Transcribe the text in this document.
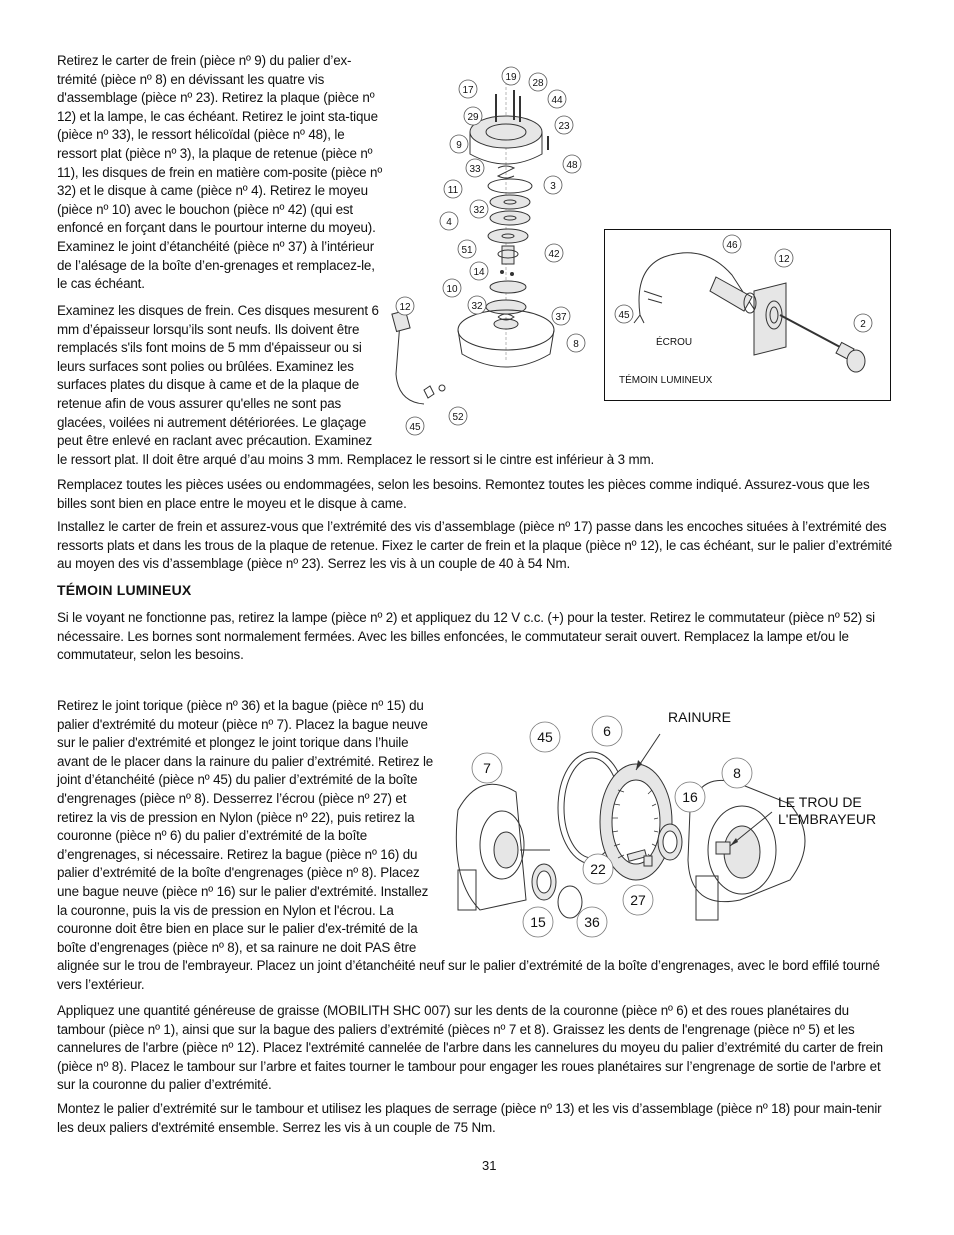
Retirez le carter de frein (pièce nº 9) du palier d’ex-trémité (pièce nº 8) en dévissant les quatre vis d'assemblage (pièce nº 23). Retirez la plaque (pièce nº 12) et la lampe, le cas échéant. Retirez le joint sta-tique (pièce nº 33), le ressort hélicoïdal (pièce nº 48), le ressort plat (pièce nº 3), la plaque de retenue (pièce nº 11), les disques de frein en matière com-posite (pièce nº 32) et le disque à came (pièce nº 4). Retirez le moyeu (pièce nº 10) avec le bouchon (pièce nº 42) (qui est enfoncé en forçant dans le pourtour interne du moyeu). Examinez le joint d’étanchéité (pièce nº 37) à l’intérieur de l’alésage de la boîte d’en-grenages et remplacez-le, le cas échéant.

Examinez les disques de frein. Ces disques mesurent 6 mm d’épaisseur lorsqu’ils sont neufs. Ils doivent être remplacés s'ils font moins de 5 mm d'épaisseur ou si leurs surfaces sont polies ou brûlées. Examinez les surfaces plates du disque à came et de la plaque de retenue afin de vous assurer qu'elles ne sont pas glacées, voilées ni autrement détériorées. Le glaçage peut être enlevé en raclant avec précaution. Examinez le ressort plat. Il doit être arqué d’au moins 3 mm. Remplacez le ressort si le cintre est inférieur à 3 mm.

Remplacez toutes les pièces usées ou endommagées, selon les besoins. Remontez toutes les pièces comme indiqué. Assurez-vous que les billes sont bien en place entre le moyeu et le disque à came.

Installez le carter de frein et assurez-vous que l’extrémité des vis d’assemblage (pièce nº 17) passe dans les encoches situées à l’extrémité des ressorts plats et dans les trous de la plaque de retenue. Fixez le carter de frein et la plaque (pièce nº 12), le cas échéant, sur le palier d’extrémité au moyen des vis d’assemblage (pièce nº 23). Serrez les vis à un couple de 40 à 54 Nm.

TÉMOIN LUMINEUX

Si le voyant ne fonctionne pas, retirez la lampe (pièce nº 2) et appliquez du 12 V c.c. (+) pour la tester. Retirez le commutateur (pièce nº 52) si nécessaire. Les bornes sont normalement fermées. Avec les billes enfoncées, le commutateur serait ouvert. Remplacez la lampe et/ou le commutateur, selon les besoins.

Retirez le joint torique (pièce nº 36) et la bague (pièce nº 15) du palier d'extrémité du moteur (pièce nº 7). Placez la bague neuve sur le palier d'extrémité et plongez le joint torique dans l’huile avant de le placer dans la rainure du palier d’extrémité. Retirez le joint d’étanchéité (pièce nº 45) du palier d’extrémité de la boîte d'engrenages (pièce nº 8). Desserrez l’écrou (pièce nº 27) et retirez la vis de pression en Nylon (pièce nº 22), puis retirez la couronne (pièce nº 6) du palier d’extrémité de la boîte d’engrenages, si nécessaire. Retirez la bague (pièce nº 16) du palier d’extrémité de la boîte d'engrenages (pièce nº 8). Placez une bague neuve (pièce nº 16) sur le palier d'extrémité. Installez la couronne, puis la vis de pression en Nylon et l'écrou. La couronne doit être bien en place sur le palier d'ex-trémité de la boîte d’engrenages (pièce nº 8), et sa rainure ne doit PAS être alignée sur le trou de l'embrayeur. Placez un joint d’étanchéité neuf sur le palier d’extrémité de la boîte d’engrenages, avec le bord effilé tourné vers l’extérieur.

Appliquez une quantité généreuse de graisse (MOBILITH SHC 007) sur les dents de la couronne (pièce nº 6) et des roues planétaires du tambour (pièce nº 1), ainsi que sur la bague des paliers d’extrémité (pièces nº 7 et 8). Graissez les dents de l'engrenage (pièce nº 5) et les cannelures de l'arbre (pièce nº 12). Placez l'extrémité cannelée de l'arbre dans les cannelures du moyeu du palier d’extrémité du carter de frein (pièce nº 8). Placez le tambour sur l’arbre et faites tourner le tambour pour engager les roues planétaires sur l’engrenage de sortie de l'arbre et sur la couronne du palier d’extrémité.

Montez le palier d’extrémité sur le tambour et utilisez les plaques de serrage (pièce nº 13) et les vis d’assemblage (pièce nº 18) pour main-tenir les deux paliers d'extrémité ensemble. Serrez les vis à un couple de 75 Nm.

31
17
19
28
44
29
23
9
48
33
3
11
32
4
51	42
14
10
32
37
12
8
52
45
46
12
45
2
ÉCROU
TÉMOIN LUMINEUX
45	6
7	8
16
22
27
15	36
RAINURE
LE TROU DE
L'EMBRAYEUR
